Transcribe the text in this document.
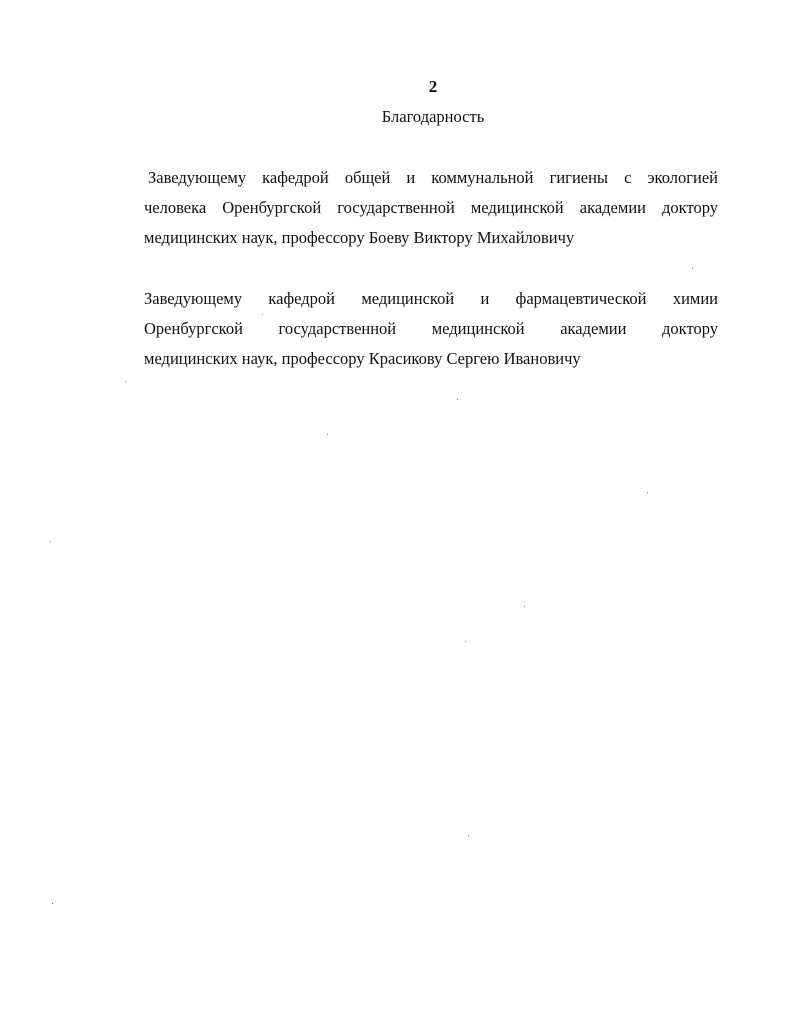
2
Благодарность
Заведующему кафедрой общей и коммунальной гигиены с экологией
человека Оренбургской государственной медицинской академии доктору
медицинских наук, профессору Боеву Виктору Михайловичу
Заведующему кафедрой медицинской и фармацевтической химии
Оренбургской государственной медицинской академии доктору
медицинских наук, профессору Красикову Сергею Ивановичу
